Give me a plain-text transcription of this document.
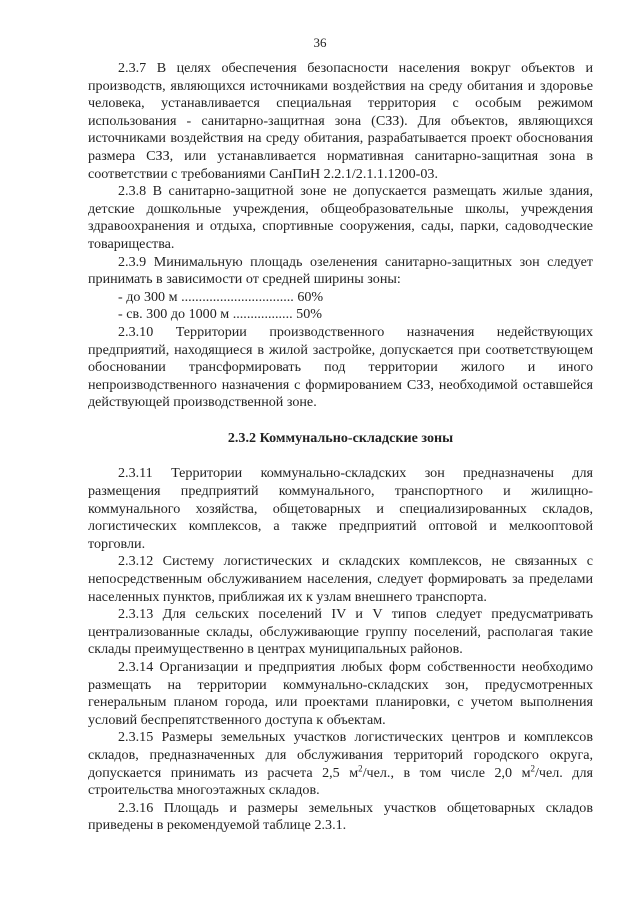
36

2.3.7 В целях обеспечения безопасности населения вокруг объектов и производств, являющихся источниками воздействия на среду обитания и здоровье человека, устанавливается специальная территория с особым режимом использования - санитарно-защитная зона (СЗЗ). Для объектов, являющихся источниками воздействия на среду обитания, разрабатывается проект обоснования размера СЗЗ, или устанавливается нормативная санитарно-защитная зона в соответствии с требованиями СанПиН 2.2.1/2.1.1.1200-03.

2.3.8 В санитарно-защитной зоне не допускается размещать жилые здания, детские дошкольные учреждения, общеобразовательные школы, учреждения здравоохранения и отдыха, спортивные сооружения, сады, парки, садоводческие товарищества.

2.3.9 Минимальную площадь озеленения санитарно-защитных зон следует принимать в зависимости от средней ширины зоны:

- до 300 м ................................ 60%

- св. 300 до 1000 м ................. 50%

2.3.10 Территории производственного назначения недействующих предприятий, находящиеся в жилой застройке, допускается при соответствующем обосновании трансформировать под территории жилого и иного непроизводственного назначения с формированием СЗЗ, необходимой оставшейся действующей производственной зоне.

2.3.2 Коммунально-складские зоны

2.3.11 Территории коммунально-складских зон предназначены для размещения предприятий коммунального, транспортного и жилищно-коммунального хозяйства, общетоварных и специализированных складов, логистических комплексов, а также предприятий оптовой и мелкооптовой торговли.

2.3.12 Систему логистических и складских комплексов, не связанных с непосредственным обслуживанием населения, следует формировать за пределами населенных пунктов, приближая их к узлам внешнего транспорта.

2.3.13 Для сельских поселений IV и V типов следует предусматривать централизованные склады, обслуживающие группу поселений, располагая такие склады преимущественно в центрах муниципальных районов.

2.3.14 Организации и предприятия любых форм собственности необходимо размещать на территории коммунально-складских зон, предусмотренных генеральным планом города, или проектами планировки, с учетом выполнения условий беспрепятственного доступа к объектам.

2.3.15 Размеры земельных участков логистических центров и комплексов складов, предназначенных для обслуживания территорий городского округа, допускается принимать из расчета 2,5 $м^2$/чел., в том числе 2,0 $м^2$/чел. для строительства многоэтажных складов.

2.3.16 Площадь и размеры земельных участков общетоварных складов приведены в рекомендуемой таблице 2.3.1.
